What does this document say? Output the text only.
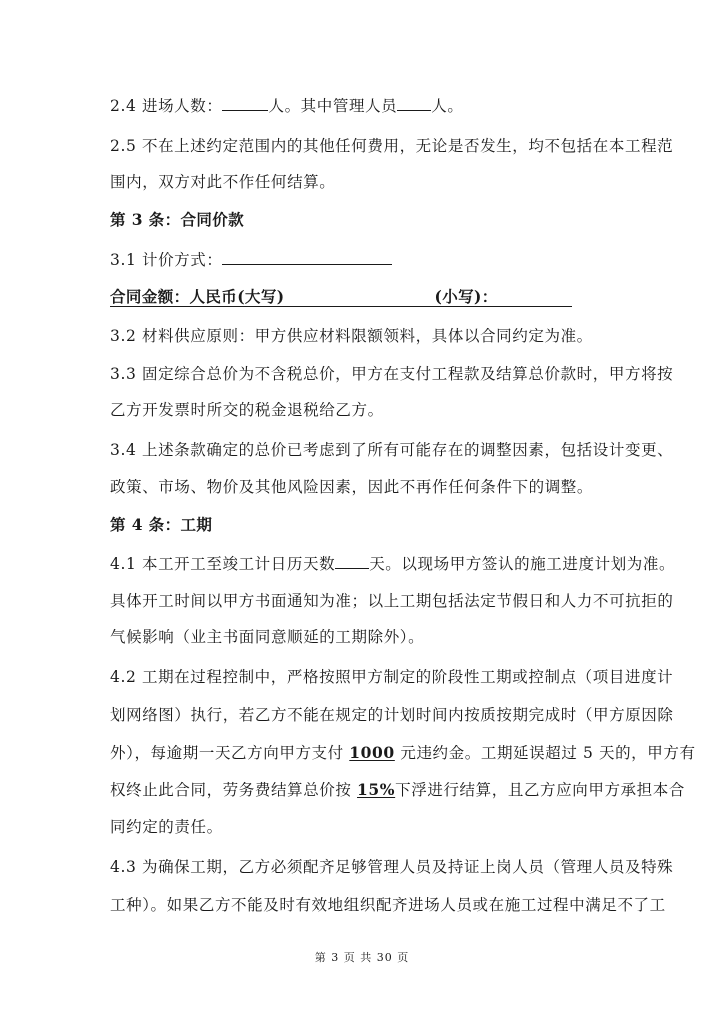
2.4 进场人数：	人。其中管理人员 人。
2.5 不在上述约定范围内的其他任何费用，无论是否发生，均不包括在本工程范
围内，双方对此不作任何结算。
第 3 条：合同价款
3.1 计价方式：
合同金额：人民币(大写)	(小写)：
3.2 材料供应原则：甲方供应材料限额领料，具体以合同约定为准。
3.3 固定综合总价为不含税总价，甲方在支付工程款及结算总价款时，甲方将按
乙方开发票时所交的税金退税给乙方。
3.4 上述条款确定的总价已考虑到了所有可能存在的调整因素，包括设计变更、
政策、市场、物价及其他风险因素，因此不再作任何条件下的调整。
第 4 条：工期
4.1 本工开工至竣工计日历天数 天。以现场甲方签认的施工进度计划为准。
具体开工时间以甲方书面通知为准；以上工期包括法定节假日和人力不可抗拒的
气候影响（业主书面同意顺延的工期除外）。
4.2 工期在过程控制中，严格按照甲方制定的阶段性工期或控制点（项目进度计
划网络图）执行，若乙方不能在规定的计划时间内按质按期完成时（甲方原因除
外），每逾期一天乙方向甲方支付 1000 元违约金。工期延误超过 5 天的，甲方有
权终止此合同，劳务费结算总价按 15%下浮进行结算，且乙方应向甲方承担本合
同约定的责任。
4.3 为确保工期，乙方必须配齐足够管理人员及持证上岗人员（管理人员及特殊
工种）。如果乙方不能及时有效地组织配齐进场人员或在施工过程中满足不了工
第 3 页 共 30 页
